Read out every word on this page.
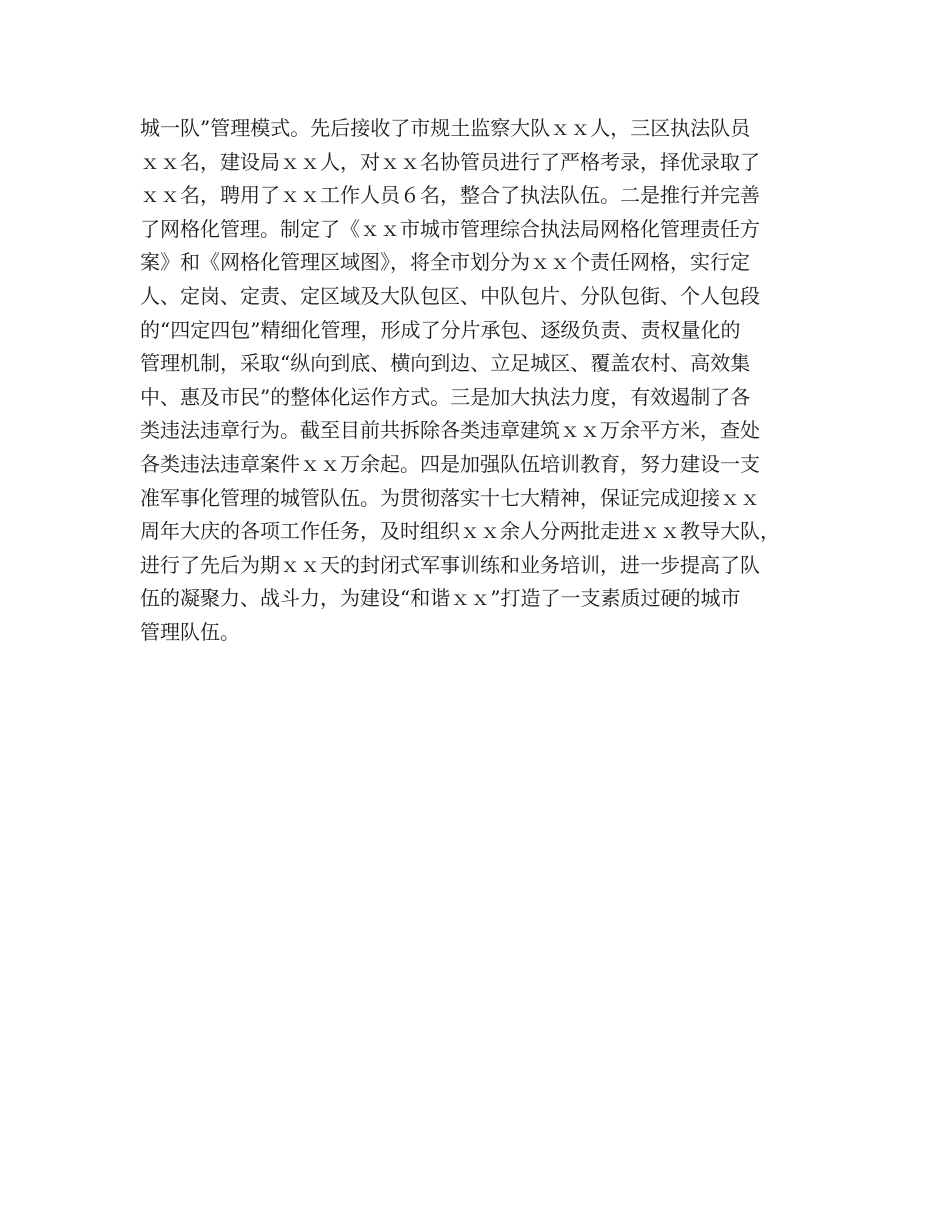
城一队”管理模式。先后接收了市规土监察大队ｘｘ人，三区执法队员
ｘｘ名，建设局ｘｘ人，对ｘｘ名协管员进行了严格考录，择优录取了
ｘｘ名，聘用了ｘｘ工作人员６名，整合了执法队伍。二是推行并完善
了网格化管理。制定了《ｘｘ市城市管理综合执法局网格化管理责任方
案》和《网格化管理区域图》，将全市划分为ｘｘ个责任网格，实行定
人、定岗、定责、定区域及大队包区、中队包片、分队包街、个人包段
的“四定四包”精细化管理，形成了分片承包、逐级负责、责权量化的
管理机制，采取“纵向到底、横向到边、立足城区、覆盖农村、高效集
中、惠及市民”的整体化运作方式。三是加大执法力度，有效遏制了各
类违法违章行为。截至目前共拆除各类违章建筑ｘｘ万余平方米，查处
各类违法违章案件ｘｘ万余起。四是加强队伍培训教育，努力建设一支
准军事化管理的城管队伍。为贯彻落实十七大精神，保证完成迎接ｘｘ
周年大庆的各项工作任务，及时组织ｘｘ余人分两批走进ｘｘ教导大队，
进行了先后为期ｘｘ天的封闭式军事训练和业务培训，进一步提高了队
伍的凝聚力、战斗力，为建设“和谐ｘｘ”打造了一支素质过硬的城市
管理队伍。
